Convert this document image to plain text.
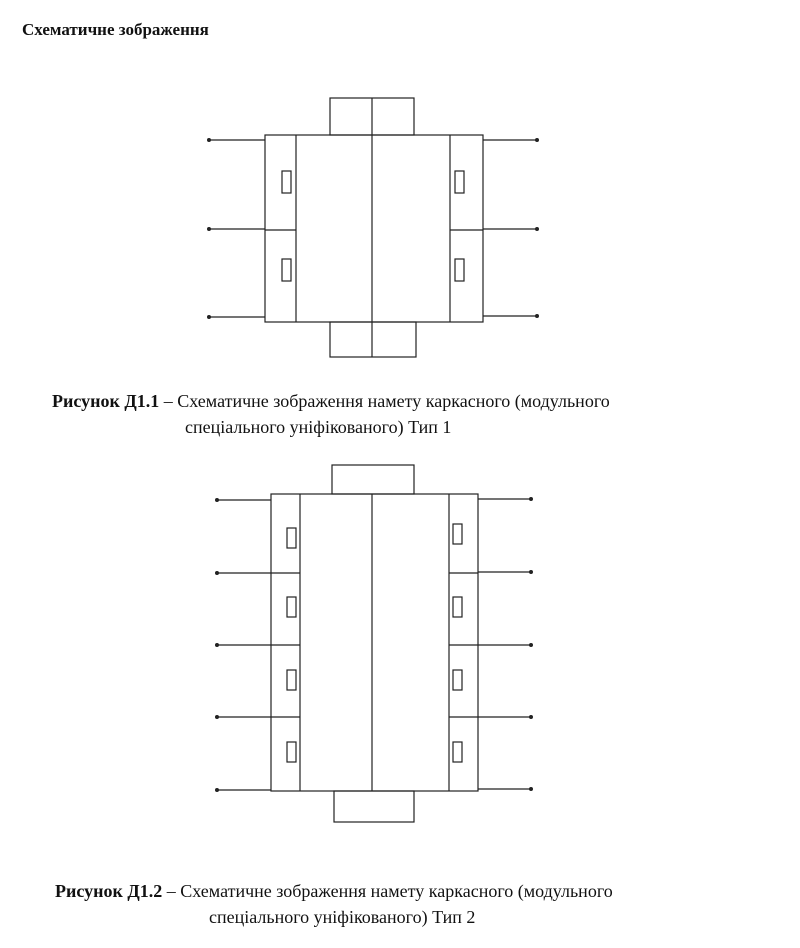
Схематичне зображення
Рисунок Д1.1 – Схематичне зображення намету каркасного (модульного
спеціального уніфікованого) Тип 1
Рисунок Д1.2 – Схематичне зображення намету каркасного (модульного
спеціального уніфікованого) Тип 2
